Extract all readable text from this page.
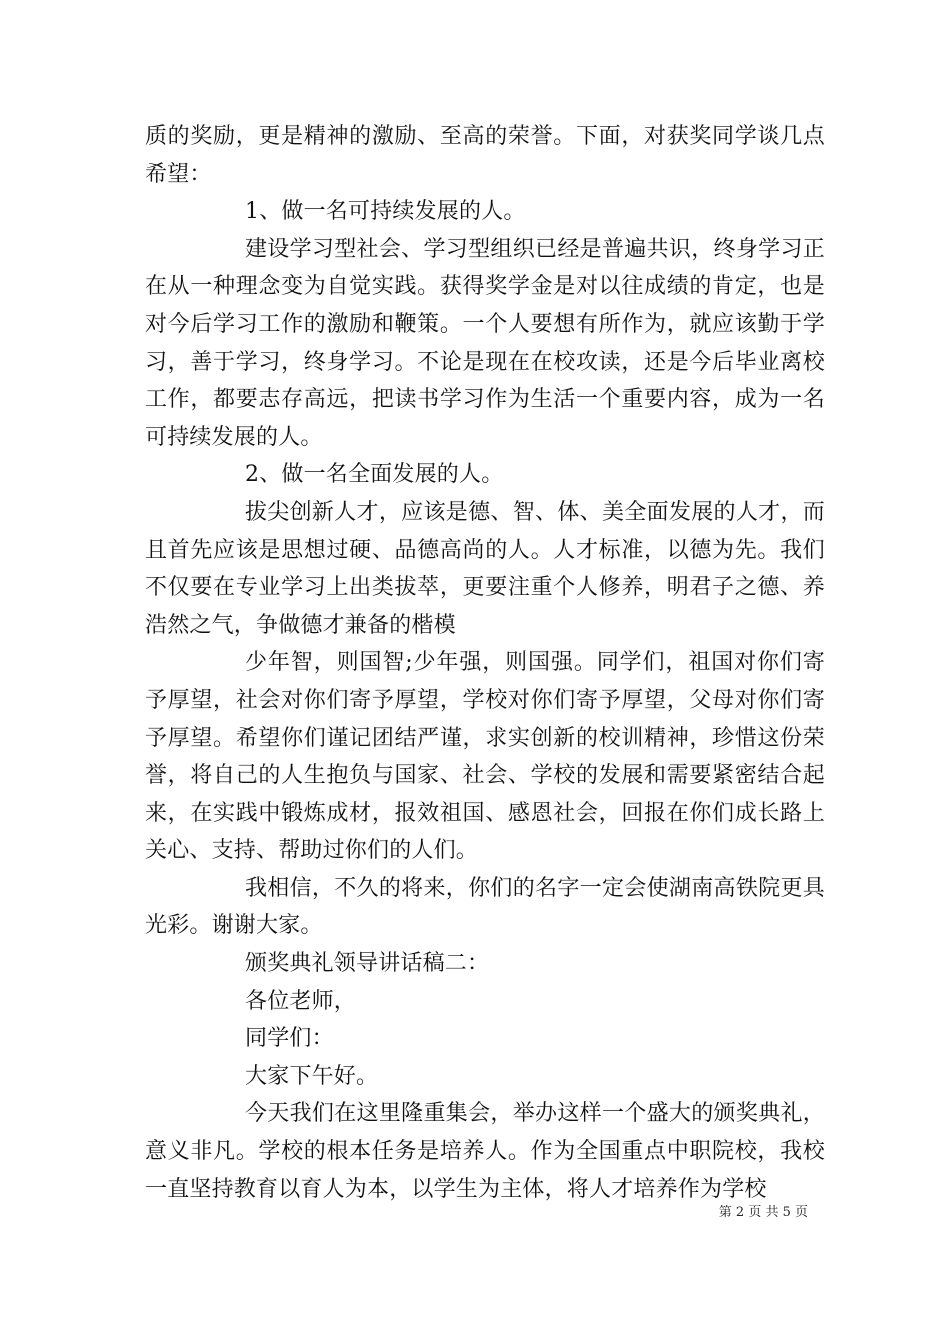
质的奖励，更是精神的激励、至高的荣誉。下面，对获奖同学谈几点希望：

1、做一名可持续发展的人。

建设学习型社会、学习型组织已经是普遍共识，终身学习正在从一种理念变为自觉实践。获得奖学金是对以往成绩的肯定，也是对今后学习工作的激励和鞭策。一个人要想有所作为，就应该勤于学习，善于学习，终身学习。不论是现在在校攻读，还是今后毕业离校工作，都要志存高远，把读书学习作为生活一个重要内容，成为一名可持续发展的人。

2、做一名全面发展的人。

拔尖创新人才，应该是德、智、体、美全面发展的人才，而且首先应该是思想过硬、品德高尚的人。人才标准，以德为先。我们不仅要在专业学习上出类拔萃，更要注重个人修养，明君子之德、养浩然之气，争做德才兼备的楷模

少年智，则国智;少年强，则国强。同学们，祖国对你们寄予厚望，社会对你们寄予厚望，学校对你们寄予厚望，父母对你们寄予厚望。希望你们谨记团结严谨，求实创新的校训精神，珍惜这份荣誉，将自己的人生抱负与国家、社会、学校的发展和需要紧密结合起来，在实践中锻炼成材，报效祖国、感恩社会，回报在你们成长路上关心、支持、帮助过你们的人们。

我相信，不久的将来，你们的名字一定会使湖南高铁院更具光彩。谢谢大家。

颁奖典礼领导讲话稿二：

各位老师，

同学们：

大家下午好。

今天我们在这里隆重集会，举办这样一个盛大的颁奖典礼，意义非凡。学校的根本任务是培养人。作为全国重点中职院校，我校一直坚持教育以育人为本，以学生为主体，将人才培养作为学校

第 2 页 共 5 页
